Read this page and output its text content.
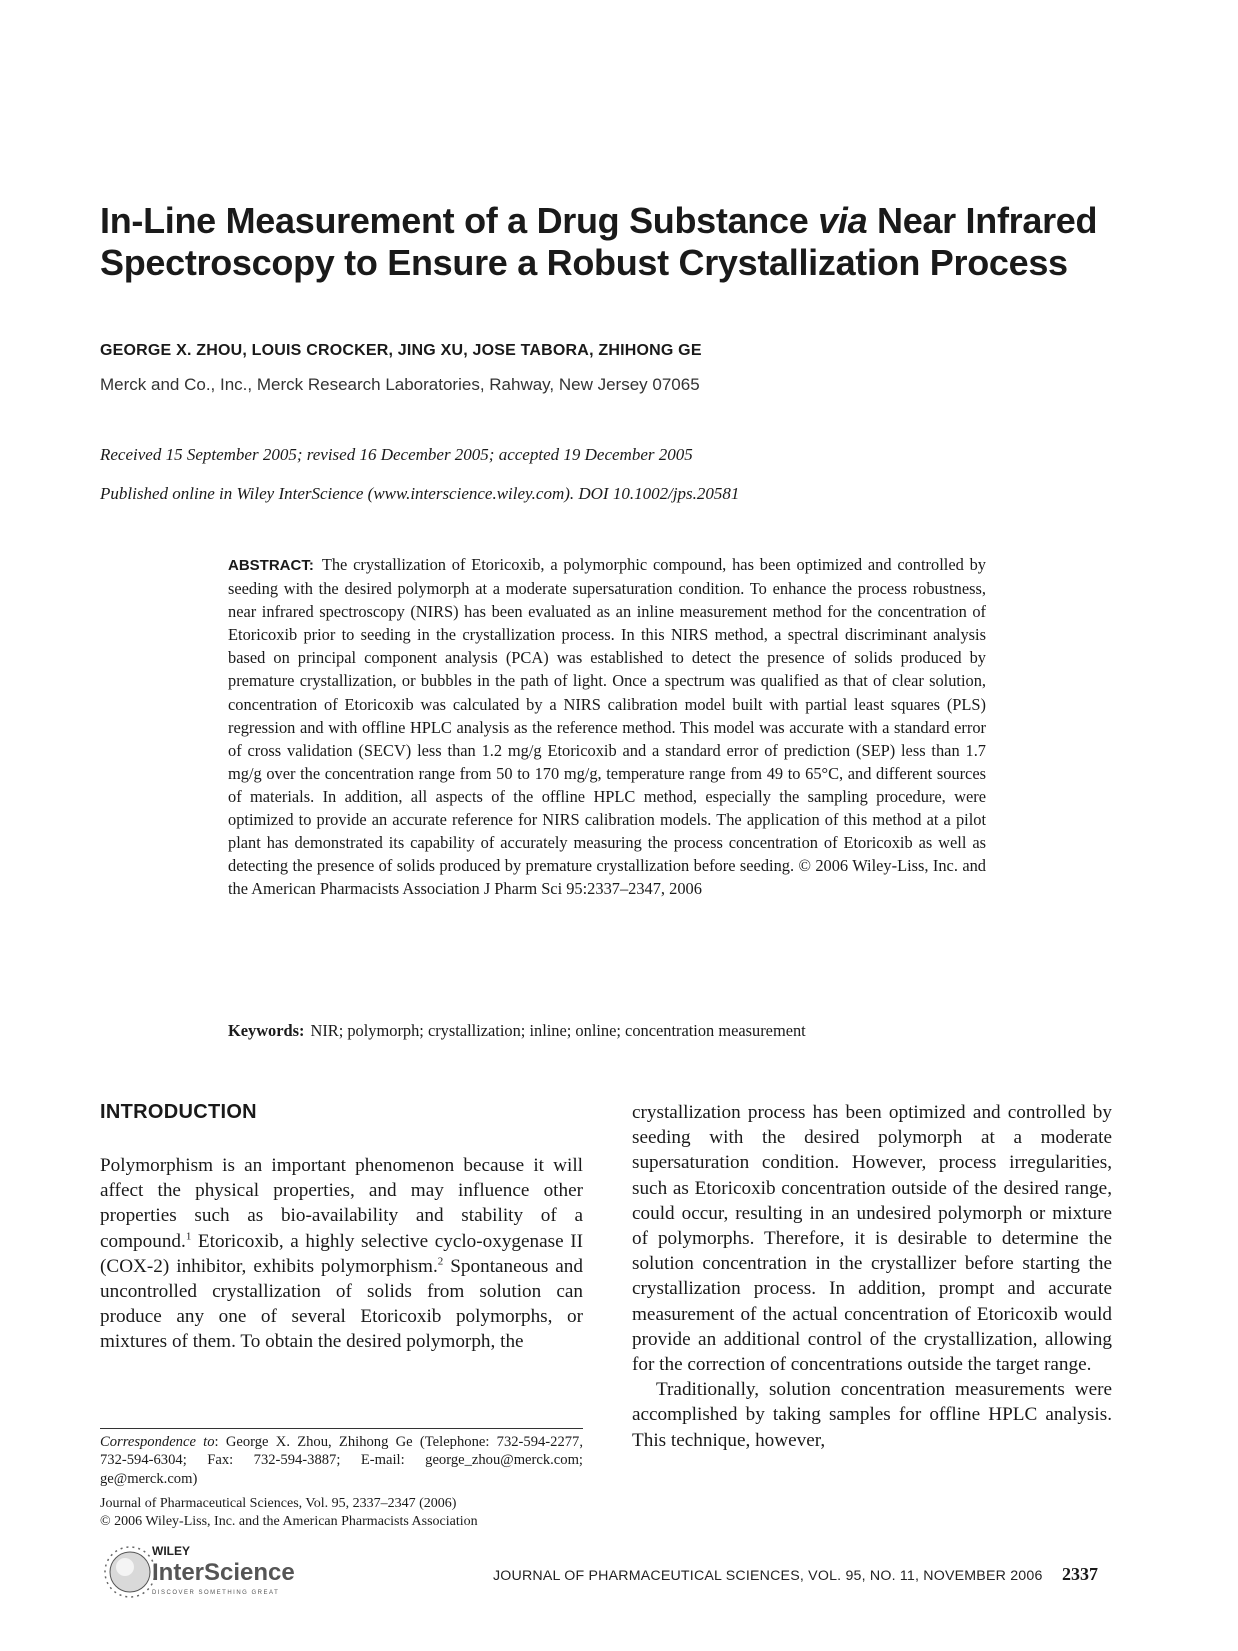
In-Line Measurement of a Drug Substance via Near Infrared Spectroscopy to Ensure a Robust Crystallization Process
GEORGE X. ZHOU, LOUIS CROCKER, JING XU, JOSE TABORA, ZHIHONG GE
Merck and Co., Inc., Merck Research Laboratories, Rahway, New Jersey 07065
Received 15 September 2005; revised 16 December 2005; accepted 19 December 2005
Published online in Wiley InterScience (www.interscience.wiley.com). DOI 10.1002/jps.20581
ABSTRACT: The crystallization of Etoricoxib, a polymorphic compound, has been optimized and controlled by seeding with the desired polymorph at a moderate supersaturation condition. To enhance the process robustness, near infrared spectroscopy (NIRS) has been evaluated as an inline measurement method for the concentration of Etoricoxib prior to seeding in the crystallization process. In this NIRS method, a spectral discriminant analysis based on principal component analysis (PCA) was established to detect the presence of solids produced by premature crystallization, or bubbles in the path of light. Once a spectrum was qualified as that of clear solution, concentration of Etoricoxib was calculated by a NIRS calibration model built with partial least squares (PLS) regression and with offline HPLC analysis as the reference method. This model was accurate with a standard error of cross validation (SECV) less than 1.2 mg/g Etoricoxib and a standard error of prediction (SEP) less than 1.7 mg/g over the concentration range from 50 to 170 mg/g, temperature range from 49 to 65°C, and different sources of materials. In addition, all aspects of the offline HPLC method, especially the sampling procedure, were optimized to provide an accurate reference for NIRS calibration models. The application of this method at a pilot plant has demonstrated its capability of accurately measuring the process concentration of Etoricoxib as well as detecting the presence of solids produced by premature crystallization before seeding. © 2006 Wiley-Liss, Inc. and the American Pharmacists Association J Pharm Sci 95:2337–2347, 2006
Keywords: NIR; polymorph; crystallization; inline; online; concentration measurement
INTRODUCTION
Polymorphism is an important phenomenon because it will affect the physical properties, and may influence other properties such as bio-availability and stability of a compound.$^1$ Etoricoxib, a highly selective cyclo-oxygenase II (COX-2) inhibitor, exhibits polymorphism.$^2$ Spontaneous and uncontrolled crystallization of solids from solution can produce any one of several Etoricoxib polymorphs, or mixtures of them. To obtain the desired polymorph, the

crystallization process has been optimized and controlled by seeding with the desired polymorph at a moderate supersaturation condition. However, process irregularities, such as Etoricoxib concentration outside of the desired range, could occur, resulting in an undesired polymorph or mixture of polymorphs. Therefore, it is desirable to determine the solution concentration in the crystallizer before starting the crystallization process. In addition, prompt and accurate measurement of the actual concentration of Etoricoxib would provide an additional control of the crystallization, allowing for the correction of concentrations outside the target range.

Traditionally, solution concentration measurements were accomplished by taking samples for offline HPLC analysis. This technique, however,

Correspondence to: George X. Zhou, Zhihong Ge (Telephone: 732-594-2277, 732-594-6304; Fax: 732-594-3887; E-mail: george_zhou@merck.com; ge@merck.com)
Journal of Pharmaceutical Sciences, Vol. 95, 2337–2347 (2006)
© 2006 Wiley-Liss, Inc. and the American Pharmacists Association
WILEY
InterScience
DISCOVER SOMETHING GREAT
JOURNAL OF PHARMACEUTICAL SCIENCES, VOL. 95, NO. 11, NOVEMBER 2006 2337
